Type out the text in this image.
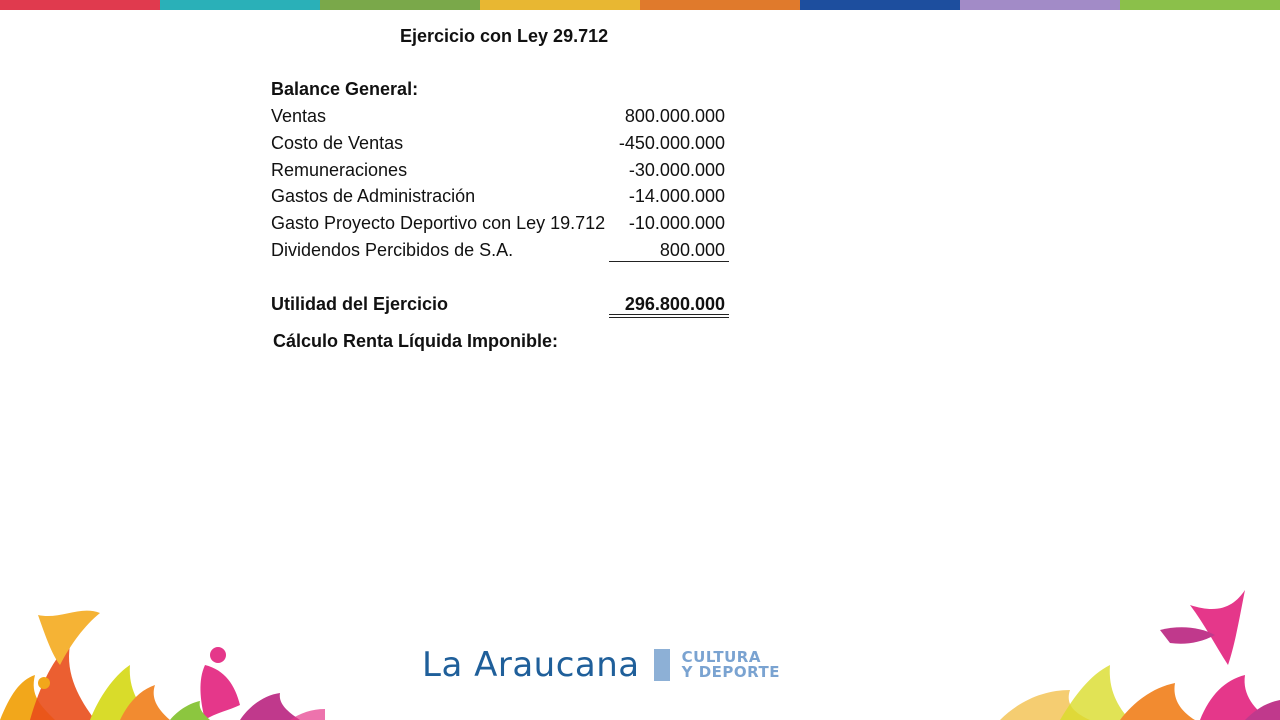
Ejercicio con Ley 29.712
Balance General:
Ventas	800.000.000
Costo de Ventas	-450.000.000
Remuneraciones	-30.000.000
Gastos de Administración	-14.000.000
Gasto Proyecto Deportivo con Ley 19.712 -10.000.000
Dividendos Percibidos de S.A.	800.000
Utilidad del Ejercicio	296.800.000
Cálculo Renta Líquida Imponible:
La Araucana	CULTURA
Y DEPORTE
